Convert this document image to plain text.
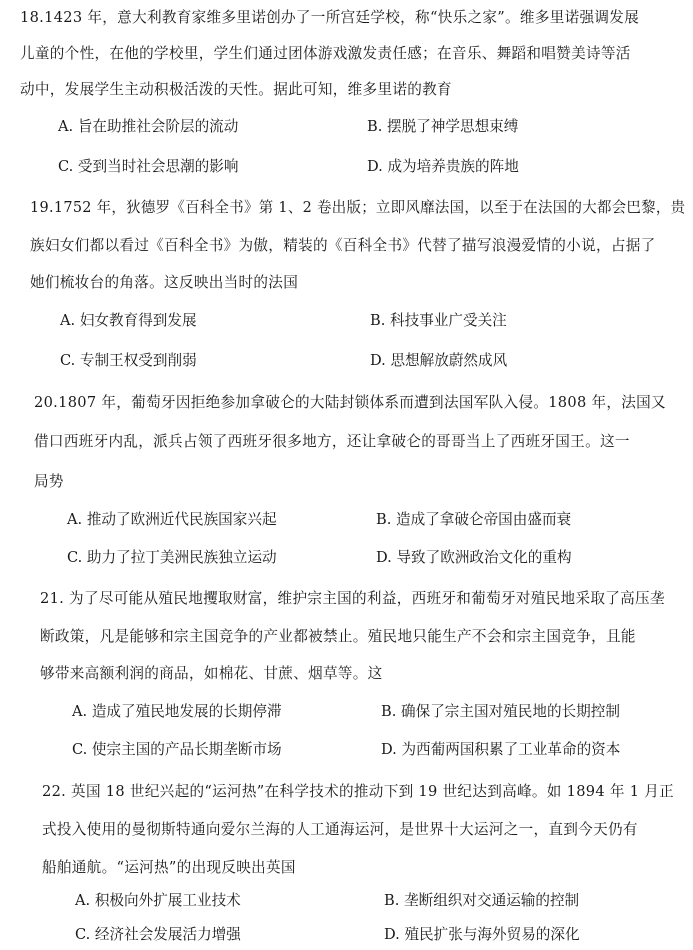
18.1423 年，意大利教育家维多里诺创办了一所宫廷学校，称“快乐之家”。维多里诺强调发展
儿童的个性，在他的学校里，学生们通过团体游戏激发责任感；在音乐、舞蹈和唱赞美诗等活
动中，发展学生主动积极活泼的天性。据此可知，维多里诺的教育
A. 旨在助推社会阶层的流动	B. 摆脱了神学思想束缚
C. 受到当时社会思潮的影响	D. 成为培养贵族的阵地
19.1752 年，狄德罗《百科全书》第 1、2 卷出版；立即风靡法国，以至于在法国的大都会巴黎，贵
族妇女们都以看过《百科全书》为傲，精装的《百科全书》代替了描写浪漫爱情的小说，占据了
她们梳妆台的角落。这反映出当时的法国
A. 妇女教育得到发展	B. 科技事业广受关注
C. 专制王权受到削弱	D. 思想解放蔚然成风
20.1807 年，葡萄牙因拒绝参加拿破仑的大陆封锁体系而遭到法国军队入侵。1808 年，法国又
借口西班牙内乱，派兵占领了西班牙很多地方，还让拿破仑的哥哥当上了西班牙国王。这一
局势
A. 推动了欧洲近代民族国家兴起	B. 造成了拿破仑帝国由盛而衰
C. 助力了拉丁美洲民族独立运动	D. 导致了欧洲政治文化的重构
21. 为了尽可能从殖民地攫取财富，维护宗主国的利益，西班牙和葡萄牙对殖民地采取了高压垄
断政策，凡是能够和宗主国竞争的产业都被禁止。殖民地只能生产不会和宗主国竞争，且能
够带来高额利润的商品，如棉花、甘蔗、烟草等。这
A. 造成了殖民地发展的长期停滞	B. 确保了宗主国对殖民地的长期控制
C. 使宗主国的产品长期垄断市场	D. 为西葡两国积累了工业革命的资本
22. 英国 18 世纪兴起的“运河热”在科学技术的推动下到 19 世纪达到高峰。如 1894 年 1 月正
式投入使用的曼彻斯特通向爱尔兰海的人工通海运河，是世界十大运河之一，直到今天仍有
船舶通航。“运河热”的出现反映出英国
A. 积极向外扩展工业技术	B. 垄断组织对交通运输的控制
C. 经济社会发展活力增强	D. 殖民扩张与海外贸易的深化
